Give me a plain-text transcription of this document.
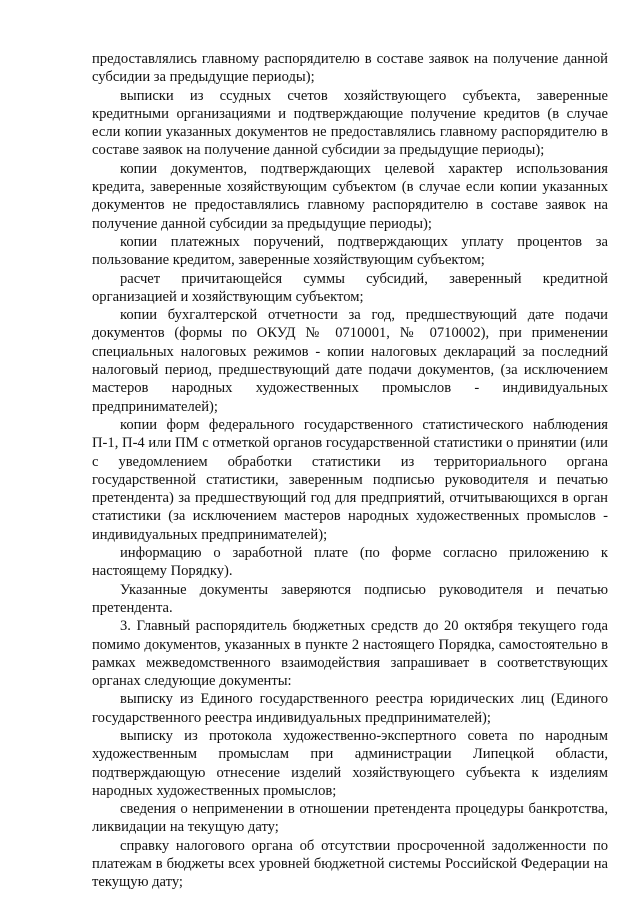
предоставлялись главному распорядителю в составе заявок на получение данной субсидии за предыдущие периоды);

выписки из ссудных счетов хозяйствующего субъекта, заверенные кредитными организациями и подтверждающие получение кредитов (в случае если копии указанных документов не предоставлялись главному распорядителю в составе заявок на получение данной субсидии за предыдущие периоды);

копии документов, подтверждающих целевой характер использования кредита, заверенные хозяйствующим субъектом (в случае если копии указанных документов не предоставлялись главному распорядителю в составе заявок на получение данной субсидии за предыдущие периоды);

копии платежных поручений, подтверждающих уплату процентов за пользование кредитом, заверенные хозяйствующим субъектом;

расчет причитающейся суммы субсидий, заверенный кредитной организацией и хозяйствующим субъектом;

копии бухгалтерской отчетности за год, предшествующий дате подачи документов (формы по ОКУД № 0710001, № 0710002), при применении специальных налоговых режимов - копии налоговых деклараций за последний налоговый период, предшествующий дате подачи документов, (за исключением мастеров народных художественных промыслов - индивидуальных предпринимателей);

копии форм федерального государственного статистического наблюдения П-1, П-4 или ПМ с отметкой органов государственной статистики о принятии (или с уведомлением обработки статистики из территориального органа государственной статистики, заверенным подписью руководителя и печатью претендента) за предшествующий год для предприятий, отчитывающихся в орган статистики (за исключением мастеров народных художественных промыслов - индивидуальных предпринимателей);

информацию о заработной плате (по форме согласно приложению к настоящему Порядку).

Указанные документы заверяются подписью руководителя и печатью претендента.

3. Главный распорядитель бюджетных средств до 20 октября текущего года помимо документов, указанных в пункте 2 настоящего Порядка, самостоятельно в рамках межведомственного взаимодействия запрашивает в соответствующих органах следующие документы:

выписку из Единого государственного реестра юридических лиц (Единого государственного реестра индивидуальных предпринимателей);

выписку из протокола художественно-экспертного совета по народным художественным промыслам при администрации Липецкой области, подтверждающую отнесение изделий хозяйствующего субъекта к изделиям народных художественных промыслов;

сведения о неприменении в отношении претендента процедуры банкротства, ликвидации на текущую дату;

справку налогового органа об отсутствии просроченной задолженности по платежам в бюджеты всех уровней бюджетной системы Российской Федерации на текущую дату;
